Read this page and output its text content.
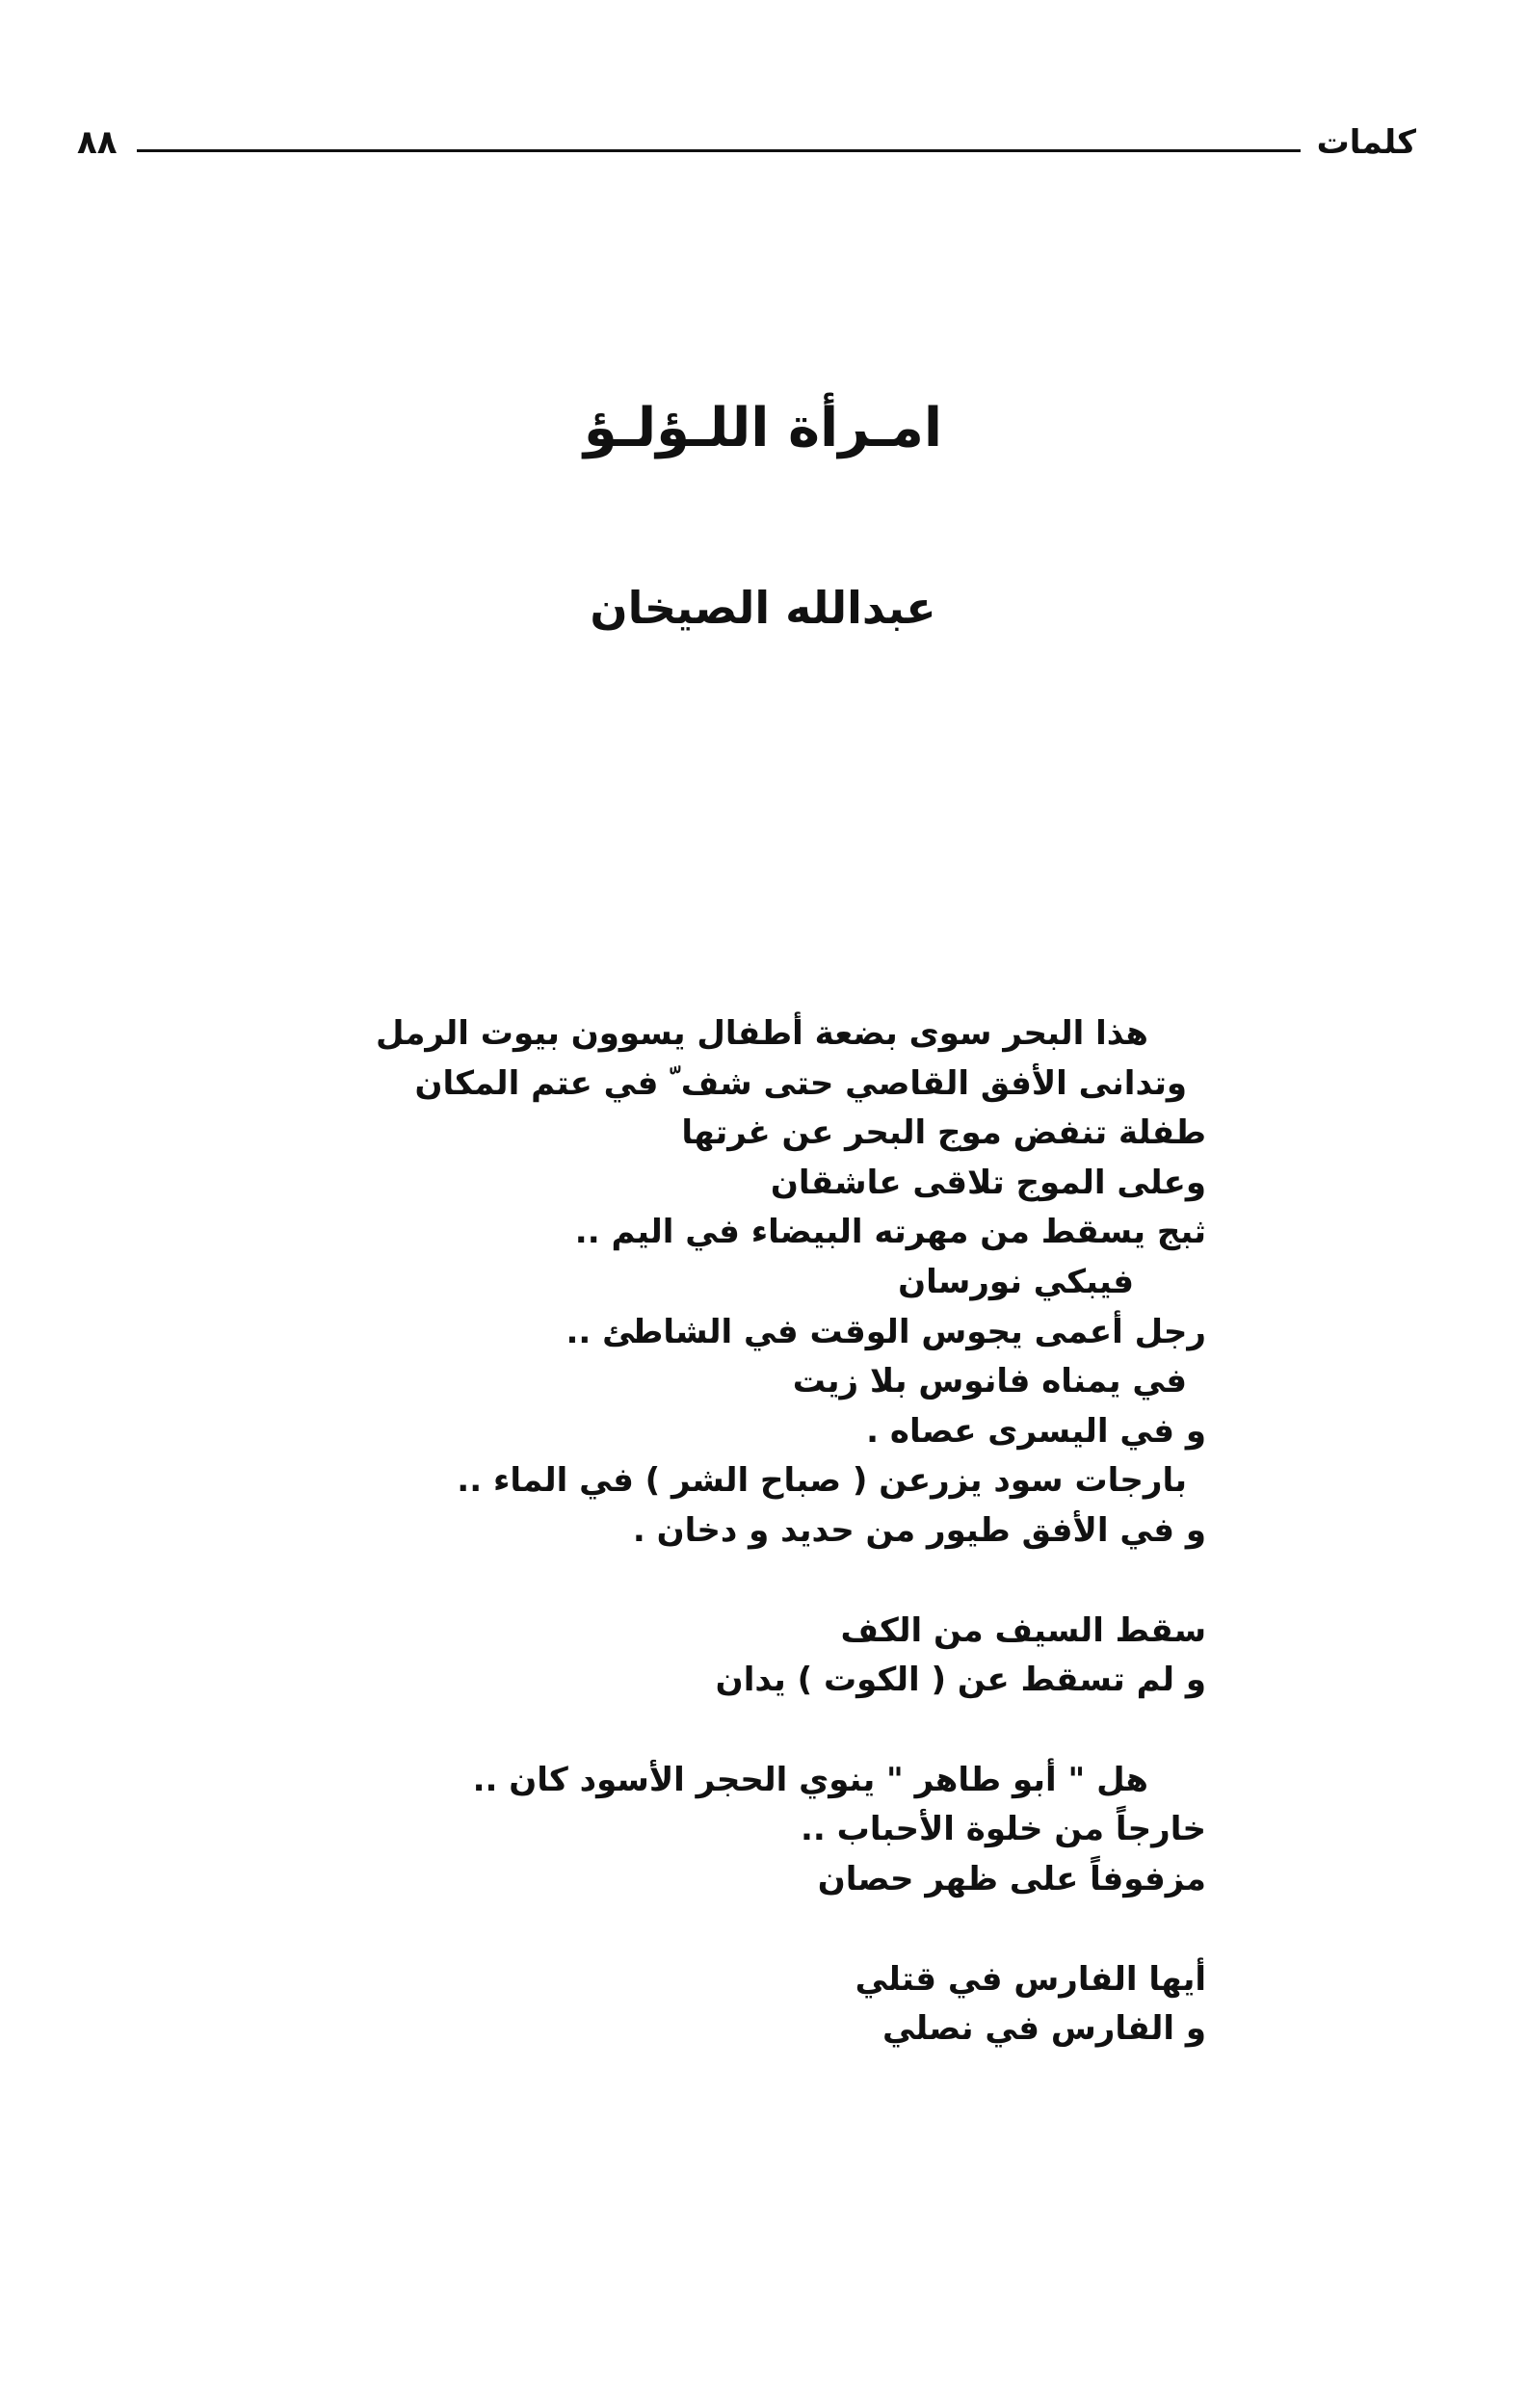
٨٨	كلمات
امـرأة اللـؤلـؤ
عبدالله الصيخان
هذا البحر سوى بضعة أطفال يسوون بيوت الرمل
وتدانى الأفق القاصي حتى شف ّ في عتم المكان
طفلة تنفض موج البحر عن غرتها
وعلى الموج تلاقى عاشقان
ثبج يسقط من مهرته البيضاء في اليم ..
فيبكي نورسان
رجل أعمى يجوس الوقت في الشاطئ ..
في يمناه فانوس بلا زيت
و في اليسرى عصاه .
بارجات سود يزرعن ( صباح الشر ) في الماء ..
و في الأفق طيور من حديد و دخان .
سقط السيف من الكف
و لم تسقط عن ( الكوت ) يدان
هل " أبو طاهر " ينوي الحجر الأسود كان ..
خارجاً من خلوة الأحباب ..
مزفوفاً على ظهر حصان
أيها الفارس في قتلي
و الفارس في نصلي
